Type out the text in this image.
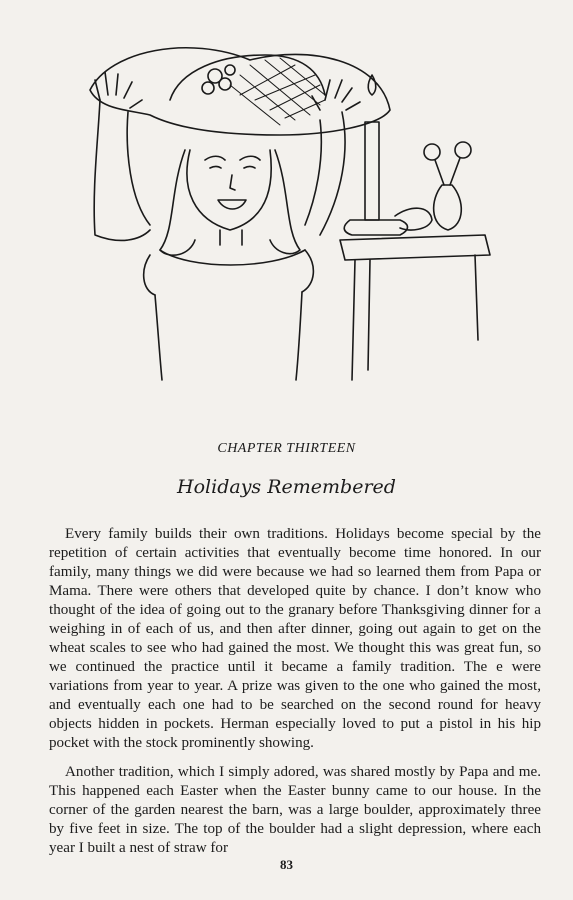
CHAPTER THIRTEEN
Holidays Remembered

Every family builds their own traditions. Holidays become special by the repetition of certain activities that eventually become time honored. In our family, many things we did were because we had so learned them from Papa or Mama. There were others that developed quite by chance. I don’t know who thought of the idea of going out to the granary before Thanksgiving dinner for a weighing in of each of us, and then after dinner, going out again to get on the wheat scales to see who had gained the most. We thought this was great fun, so we continued the practice until it became a family tradition. The e were variations from year to year. A prize was given to the one who gained the most, and eventually each one had to be searched on the second round for heavy objects hidden in pockets. Herman especially loved to put a pistol in his hip pocket with the stock prominently showing.

Another tradition, which I simply adored, was shared mostly by Papa and me. This happened each Easter when the Easter bunny came to our house. In the corner of the garden nearest the barn, was a large boulder, approximately three by five feet in size. The top of the boulder had a slight depression, where each year I built a nest of straw for

83
